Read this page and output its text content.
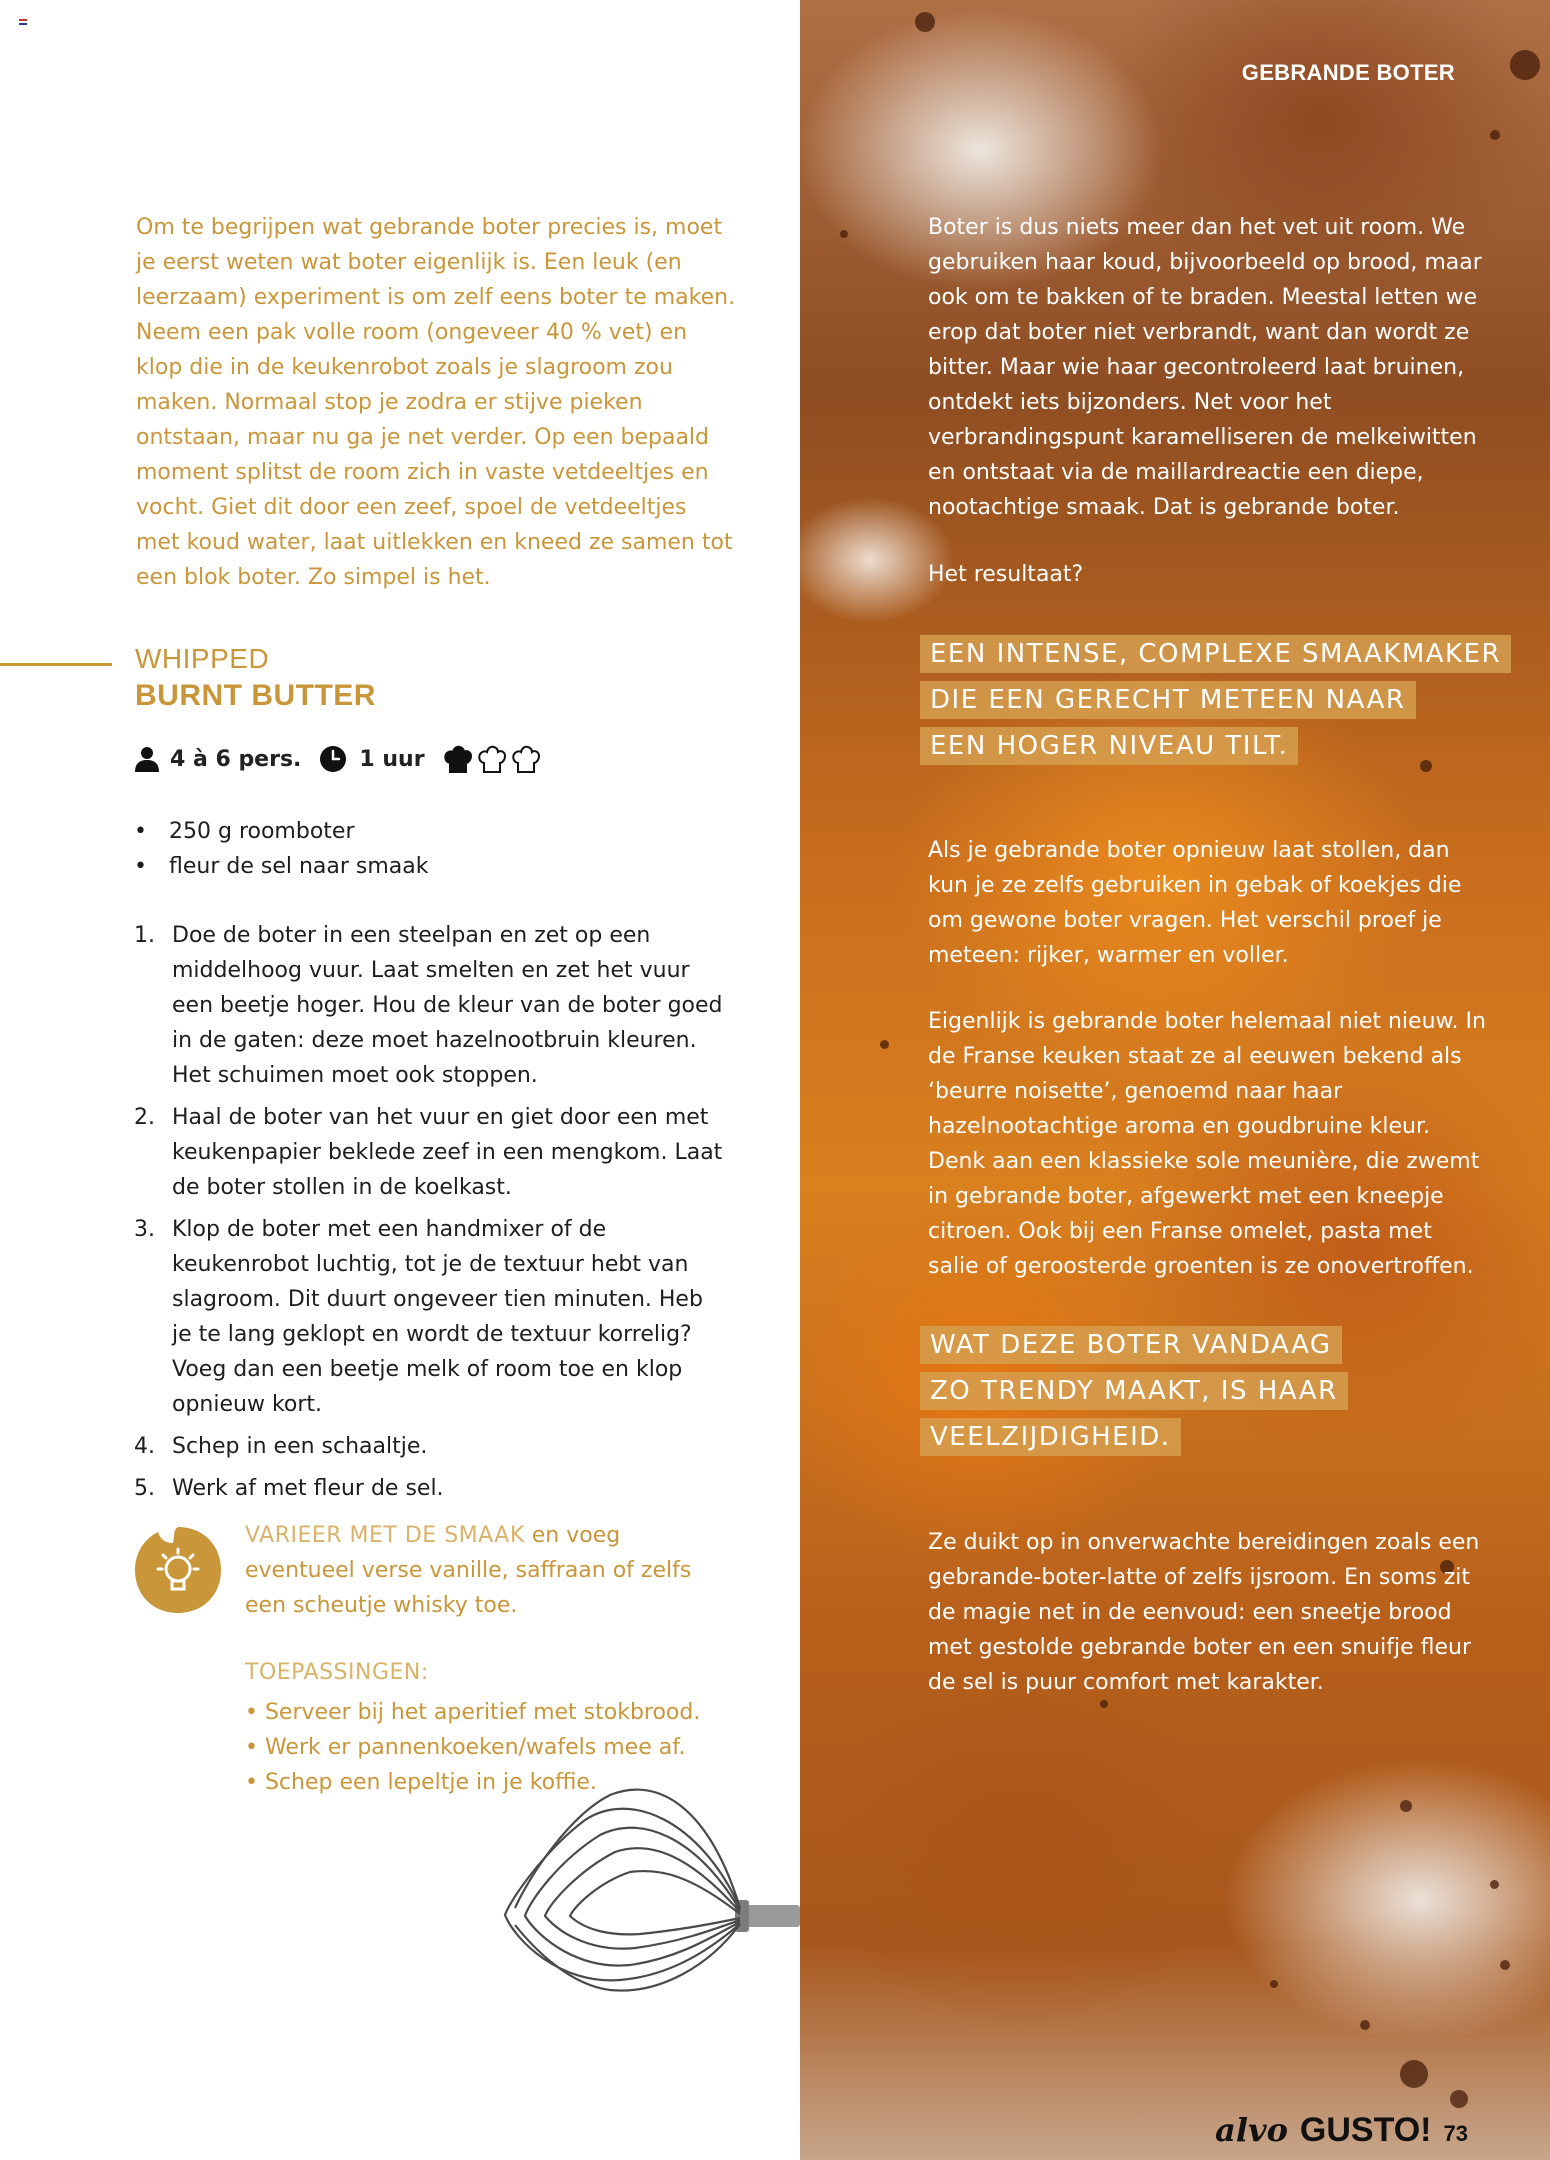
Om te begrijpen wat gebrande boter precies is, moet je eerst weten wat boter eigenlijk is. Een leuk (en leerzaam) experiment is om zelf eens boter te maken. Neem een pak volle room (ongeveer 40 % vet) en klop die in de keukenrobot zoals je slagroom zou maken. Normaal stop je zodra er stijve pieken ontstaan, maar nu ga je net verder. Op een bepaald moment splitst de room zich in vaste vetdeeltjes en vocht. Giet dit door een zeef, spoel de vetdeeltjes met koud water, laat uitlekken en kneed ze samen tot een blok boter. Zo simpel is het.

WHIPPED
BURNT BUTTER
4 à 6 pers.	1 uur
•	250 g roomboter
•	fleur de sel naar smaak
1. Doe de boter in een steelpan en zet op een middelhoog vuur. Laat smelten en zet het vuur een beetje hoger. Hou de kleur van de boter goed in de gaten: deze moet hazelnootbruin kleuren. Het schuimen moet ook stoppen.
2. Haal de boter van het vuur en giet door een met keukenpapier beklede zeef in een mengkom. Laat de boter stollen in de koelkast.
3. Klop de boter met een handmixer of de keukenrobot luchtig, tot je de textuur hebt van slagroom. Dit duurt ongeveer tien minuten. Heb je te lang geklopt en wordt de textuur korrelig? Voeg dan een beetje melk of room toe en klop opnieuw kort.
4. Schep in een schaaltje.
5. Werk af met fleur de sel.

VARIEER MET DE SMAAK en voeg eventueel verse vanille, saffraan of zelfs een scheutje whisky toe.

TOEPASSINGEN:
• Serveer bij het aperitief met stokbrood.
• Werk er pannenkoeken/wafels mee af.
• Schep een lepeltje in je koffie.
GEBRANDE BOTER

Boter is dus niets meer dan het vet uit room. We gebruiken haar koud, bijvoorbeeld op brood, maar ook om te bakken of te braden. Meestal letten we erop dat boter niet verbrandt, want dan wordt ze bitter. Maar wie haar gecontroleerd laat bruinen, ontdekt iets bijzonders. Net voor het verbrandingspunt karamelliseren de melkeiwitten en ontstaat via de maillardreactie een diepe, nootachtige smaak. Dat is gebrande boter.

Het resultaat?

EEN INTENSE, COMPLEXE SMAAKMAKER
DIE EEN GERECHT METEEN NAAR
EEN HOGER NIVEAU TILT.

Als je gebrande boter opnieuw laat stollen, dan kun je ze zelfs gebruiken in gebak of koekjes die om gewone boter vragen. Het verschil proef je meteen: rijker, warmer en voller.

Eigenlijk is gebrande boter helemaal niet nieuw. In de Franse keuken staat ze al eeuwen bekend als ‘beurre noisette’, genoemd naar haar hazelnootachtige aroma en goudbruine kleur. Denk aan een klassieke sole meunière, die zwemt in gebrande boter, afgewerkt met een kneepje citroen. Ook bij een Franse omelet, pasta met salie of geroosterde groenten is ze onovertroffen.

WAT DEZE BOTER VANDAAG
ZO TRENDY MAAKT, IS HAAR
VEELZIJDIGHEID.

Ze duikt op in onverwachte bereidingen zoals een gebrande-boter-latte of zelfs ijsroom. En soms zit de magie net in de eenvoud: een sneetje brood met gestolde gebrande boter en een snuifje fleur de sel is puur comfort met karakter.

alvo GUSTO! 73
